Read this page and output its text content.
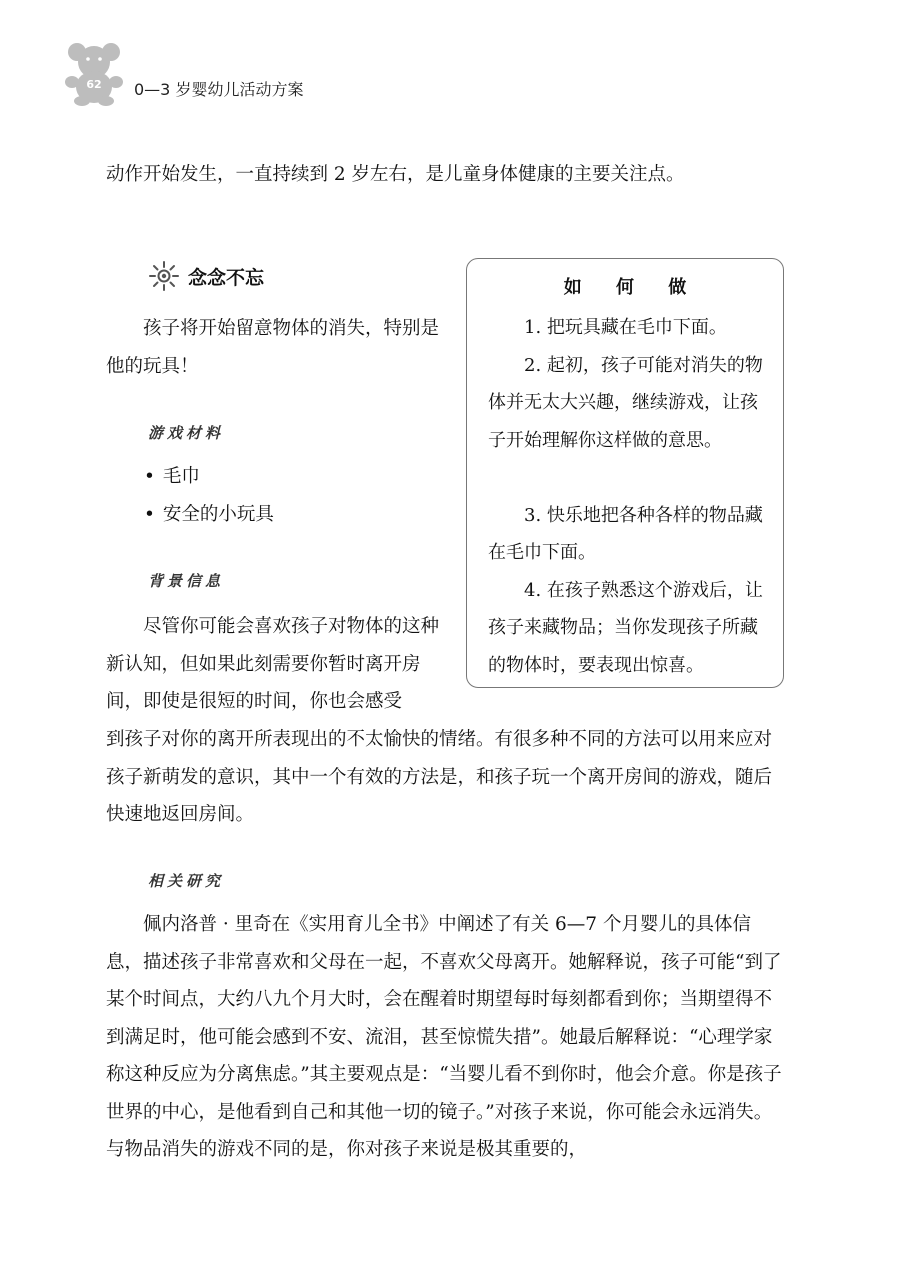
62	0—3 岁婴幼儿活动方案

动作开始发生，一直持续到 2 岁左右，是儿童身体健康的主要关注点。

念念不忘

孩子将开始留意物体的消失，特别是他的玩具！

游戏材料
• 毛巾
• 安全的小玩具
背景信息

尽管你可能会喜欢孩子对物体的这种新认知，但如果此刻需要你暂时离开房间，即使是很短的时间，你也会感受

如 何 做

1. 把玩具藏在毛巾下面。

2. 起初，孩子可能对消失的物体并无太大兴趣，继续游戏，让孩子开始理解你这样做的意思。

3. 快乐地把各种各样的物品藏在毛巾下面。

4. 在孩子熟悉这个游戏后，让孩子来藏物品；当你发现孩子所藏的物体时，要表现出惊喜。

到孩子对你的离开所表现出的不太愉快的情绪。有很多种不同的方法可以用来应对孩子新萌发的意识，其中一个有效的方法是，和孩子玩一个离开房间的游戏，随后快速地返回房间。

相关研究

佩内洛普 · 里奇在《实用育儿全书》中阐述了有关 6—7 个月婴儿的具体信息，描述孩子非常喜欢和父母在一起，不喜欢父母离开。她解释说，孩子可能“到了某个时间点，大约八九个月大时，会在醒着时期望每时每刻都看到你；当期望得不到满足时，他可能会感到不安、流泪，甚至惊慌失措”。她最后解释说：“心理学家称这种反应为分离焦虑。”其主要观点是：“当婴儿看不到你时，他会介意。你是孩子世界的中心，是他看到自己和其他一切的镜子。”对孩子来说，你可能会永远消失。与物品消失的游戏不同的是，你对孩子来说是极其重要的，
